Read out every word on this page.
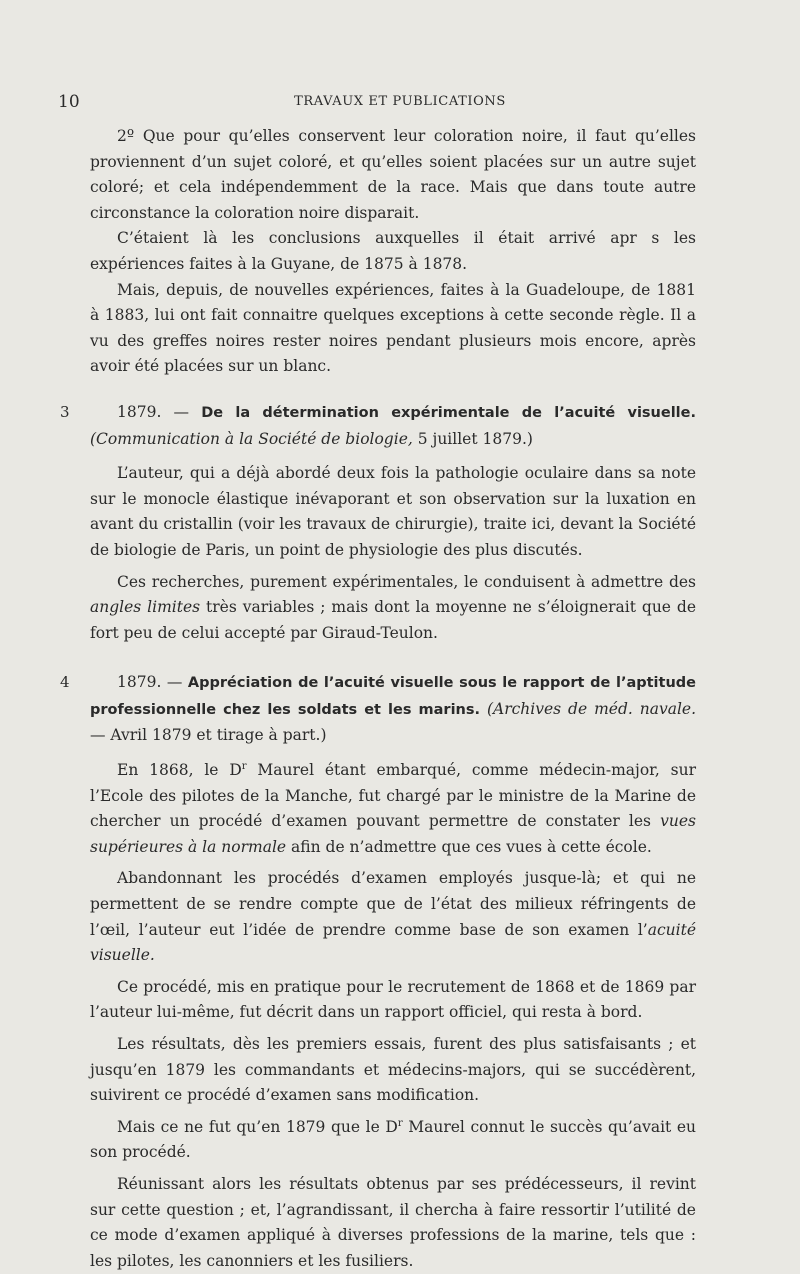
10	TRAVAUX ET PUBLICATIONS

2º Que pour qu’elles conservent leur coloration noire, il faut qu’elles proviennent d’un sujet coloré, et qu’elles soient placées sur un autre sujet coloré; et cela indépendemment de la race. Mais que dans toute autre circonstance la coloration noire disparait.

C’étaient là les conclusions auxquelles il était arrivé apr s les expériences faites à la Guyane, de 1875 à 1878.

Mais, depuis, de nouvelles expériences, faites à la Guadeloupe, de 1881 à 1883, lui ont fait connaitre quelques exceptions à cette seconde règle. Il a vu des greffes noires rester noires pendant plusieurs mois encore, après avoir été placées sur un blanc.

3	1879. — De la détermination expérimentale de l’acuité visuelle. (Communication à la Société de biologie, 5 juillet 1879.)

L’auteur, qui a déjà abordé deux fois la pathologie oculaire dans sa note sur le monocle élastique inévaporant et son observation sur la luxation en avant du cristallin (voir les travaux de chirurgie), traite ici, devant la Société de biologie de Paris, un point de physiologie des plus discutés.

Ces recherches, purement expérimentales, le conduisent à admettre des angles limites très variables ; mais dont la moyenne ne s’éloignerait que de fort peu de celui accepté par Giraud-Teulon.

4	1879. — Appréciation de l’acuité visuelle sous le rapport de l’aptitude professionnelle chez les soldats et les marins. (Archives de méd. navale. — Avril 1879 et tirage à part.)

En 1868, le $D^r$ Maurel étant embarqué, comme médecin-major, sur l’Ecole des pilotes de la Manche, fut chargé par le ministre de la Marine de chercher un procédé d’examen pouvant permettre de constater les vues supérieures à la normale afin de n’admettre que ces vues à cette école.

Abandonnant les procédés d’examen employés jusque-là; et qui ne permettent de se rendre compte que de l’état des milieux réfringents de l’œil, l’auteur eut l’idée de prendre comme base de son examen l’acuité visuelle.

Ce procédé, mis en pratique pour le recrutement de 1868 et de 1869 par l’auteur lui-même, fut décrit dans un rapport officiel, qui resta à bord.

Les résultats, dès les premiers essais, furent des plus satisfaisants ; et jusqu’en 1879 les commandants et médecins-majors, qui se succédèrent, suivirent ce procédé d’examen sans modification.

Mais ce ne fut qu’en 1879 que le $D^r$ Maurel connut le succès qu’avait eu son procédé.

Réunissant alors les résultats obtenus par ses prédécesseurs, il revint sur cette question ; et, l’agrandissant, il chercha à faire ressortir l’utilité de ce mode d’examen appliqué à diverses professions de la marine, tels que : les pilotes, les canonniers et les fusiliers.
